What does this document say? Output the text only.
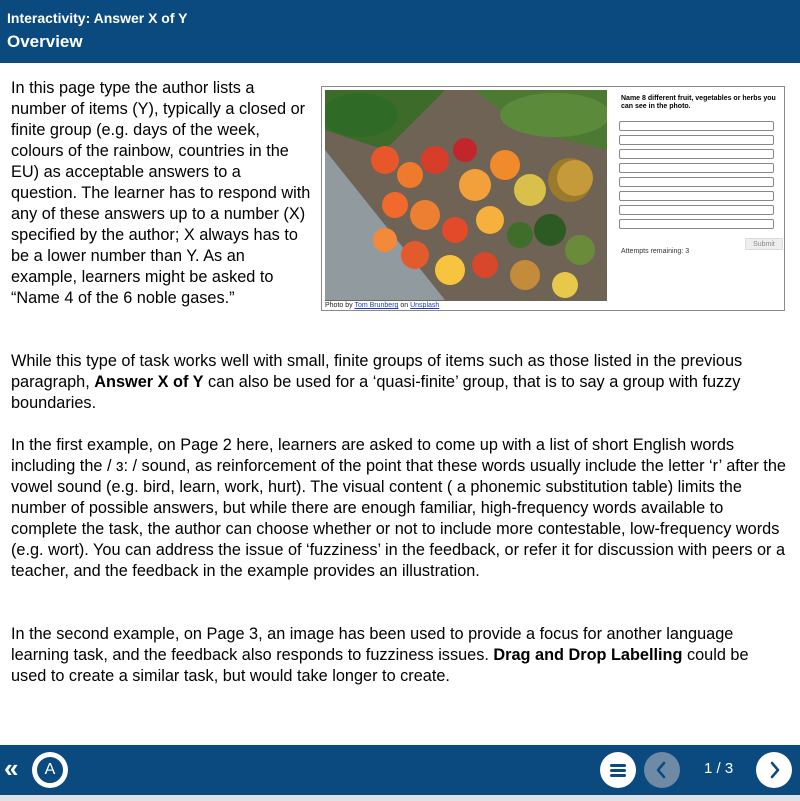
Interactivity: Answer X of Y
Overview

In this page type the author lists a number of items (Y), typically a closed or finite group (e.g. days of the week, colours of the rainbow, countries in the EU) as acceptable answers to a question. The learner has to respond with any of these answers up to a number (X) specified by the author; X always has to be a lower number than Y. As an example, learners might be asked to “Name 4 of the 6 noble gases.”

While this type of task works well with small, finite groups of items such as those listed in the previous paragraph, Answer X of Y can also be used for a ‘quasi-finite’ group, that is to say a group with fuzzy boundaries.

In the first example, on Page 2 here, learners are asked to come up with a list of short English words including the / ɜ: / sound, as reinforcement of the point that these words usually include the letter ‘r’ after the vowel sound (e.g. bird, learn, work, hurt). The visual content ( a phonemic substitution table) limits the number of possible answers, but while there are enough familiar, high-frequency words available to complete the task, the author can choose whether or not to include more contestable, low-frequency words (e.g. wort). You can address the issue of ‘fuzziness’ in the feedback, or refer it for discussion with peers or a teacher, and the feedback in the example provides an illustration.

In the second example, on Page 3, an image has been used to provide a focus for another language learning task, and the feedback also responds to fuzziness issues. Drag and Drop Labelling could be used to create a similar task, but would take longer to create.

Photo by Tom Brunberg on Unsplash
Name 8 different fruit, vegetables or herbs you can see in the photo.
Submit
Attempts remaining: 3
«	A	1 / 3
